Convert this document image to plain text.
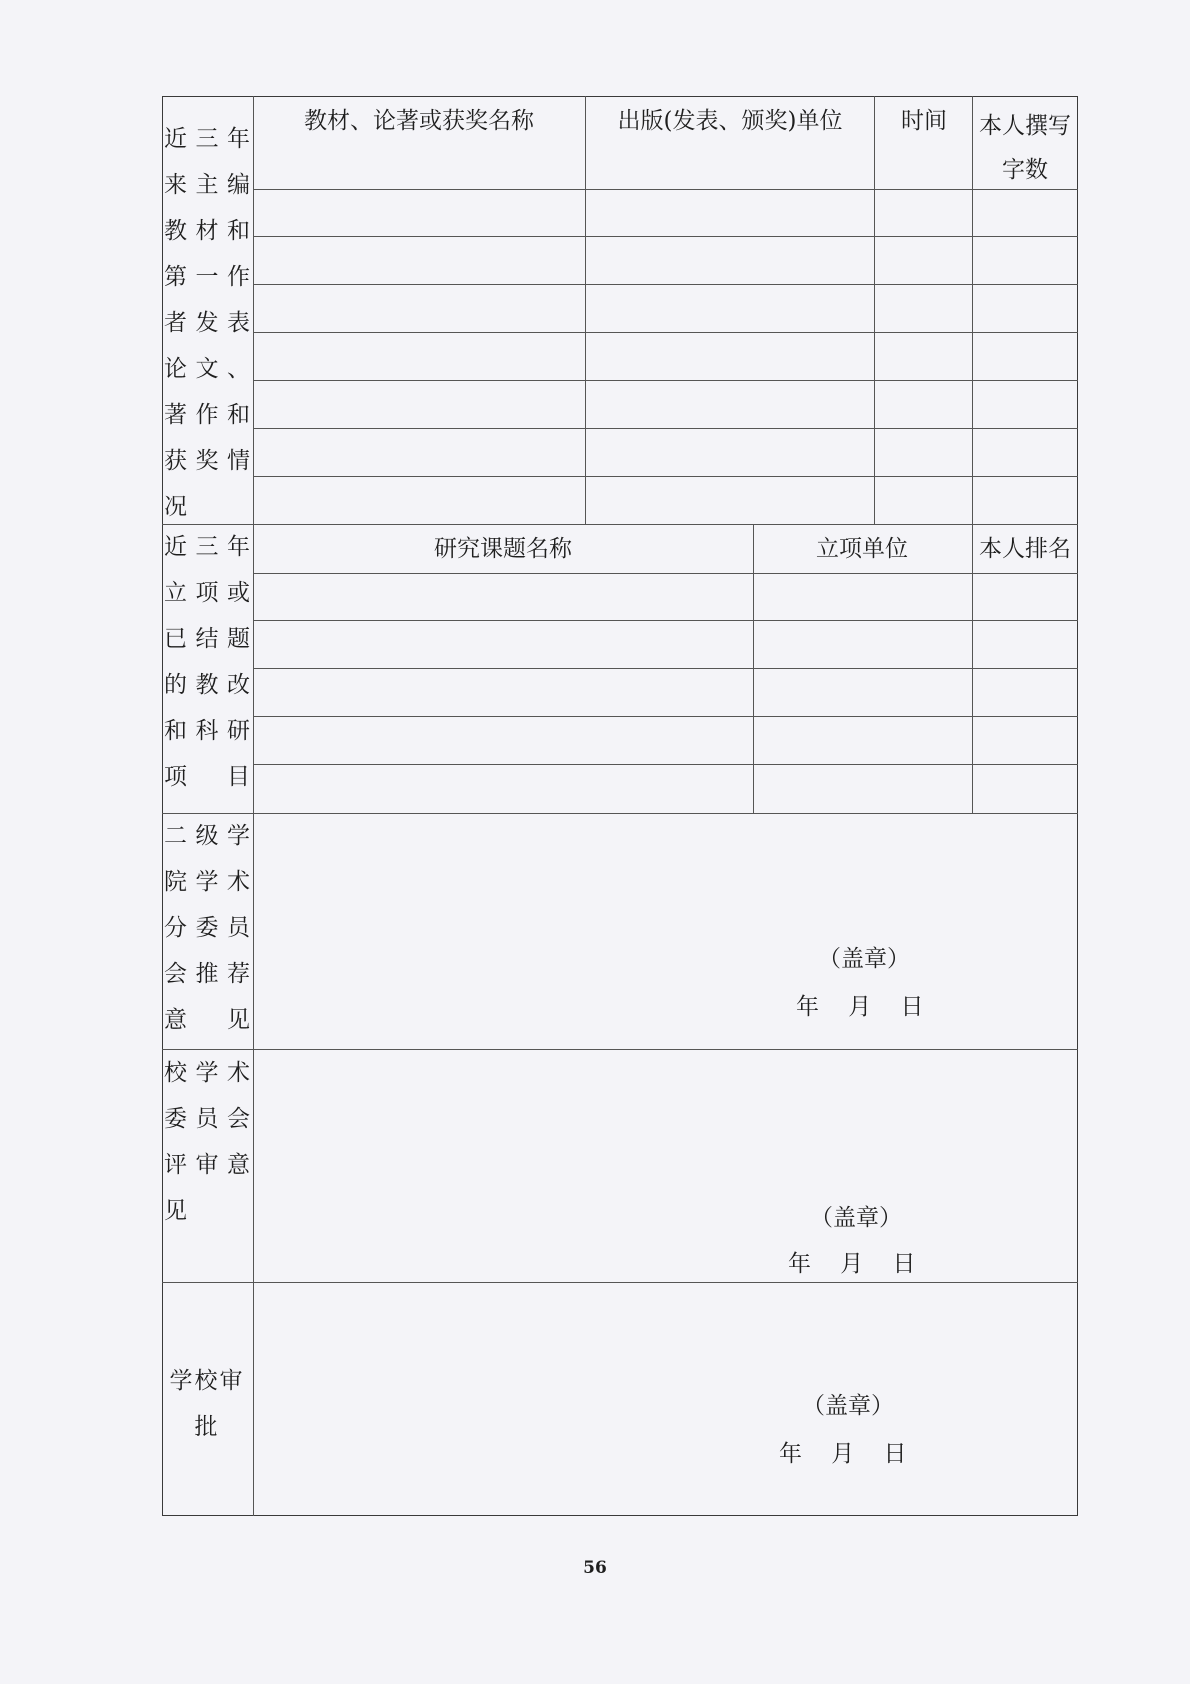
近三年来主编教材和第一作者发表论文、著作和获奖情况
教材、论著或获奖名称	出版(发表、颁奖)单位	时间	本人撰写字数
近三年立项或已结题的教改和科研项目
研究课题名称	立项单位	本人排名
二级学院学术分委员会推荐意见
（盖章）
年    月    日
校学术委员会评审意见	（盖章）
年    月    日
学校审批
（盖章）
年    月    日
56
